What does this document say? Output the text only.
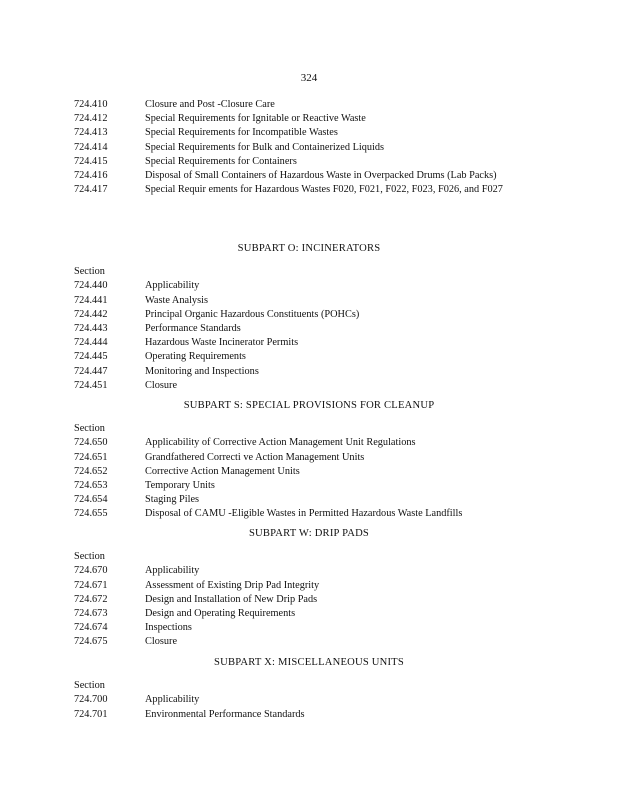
324
724.410	Closure and Post -Closure Care
724.412	Special Requirements for Ignitable or Reactive Waste
724.413	Special Requirements for Incompatible Wastes
724.414	Special Requirements for Bulk and Containerized Liquids
724.415	Special Requirements for Containers
724.416	Disposal of Small Containers of Hazardous Waste in Overpacked Drums (Lab Packs)
724.417	Special Requir ements for Hazardous Wastes F020, F021, F022, F023, F026, and F027
SUBPART O: INCINERATORS
Section
724.440	Applicability
724.441	Waste Analysis
724.442	Principal Organic Hazardous Constituents (POHCs)
724.443	Performance Standards
724.444	Hazardous Waste Incinerator Permits
724.445	Operating Requirements
724.447	Monitoring and Inspections
724.451	Closure
SUBPART S: SPECIAL PROVISIONS FOR CLEANUP
Section
724.650	Applicability of Corrective Action Management Unit Regulations
724.651	Grandfathered Correcti ve Action Management Units
724.652	Corrective Action Management Units
724.653	Temporary Units
724.654	Staging Piles
724.655	Disposal of CAMU -Eligible Wastes in Permitted Hazardous Waste Landfills
SUBPART W: DRIP PADS
Section
724.670	Applicability
724.671	Assessment of Existing Drip Pad Integrity
724.672	Design and Installation of New Drip Pads
724.673	Design and Operating Requirements
724.674	Inspections
724.675	Closure
SUBPART X: MISCELLANEOUS UNITS
Section
724.700	Applicability
724.701	Environmental Performance Standards
